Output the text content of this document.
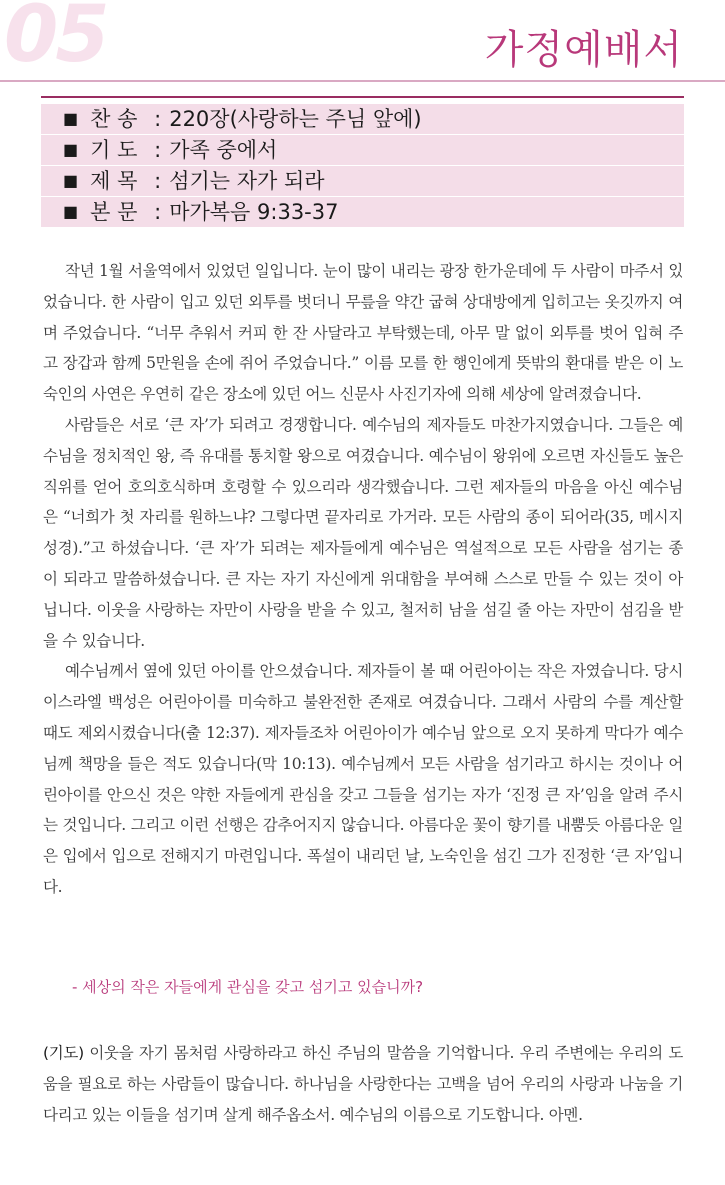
05	가정예배서
■ 찬 송 : 220장(사랑하는 주님 앞에)
■ 기 도 : 가족 중에서
■ 제 목 : 섬기는 자가 되라
■ 본 문 : 마가복음 9:33-37

작년 1월 서울역에서 있었던 일입니다. 눈이 많이 내리는 광장 한가운데에 두 사람이 마주서 있었습니다. 한 사람이 입고 있던 외투를 벗더니 무릎을 약간 굽혀 상대방에게 입히고는 옷깃까지 여며 주었습니다. “너무 추워서 커피 한 잔 사달라고 부탁했는데, 아무 말 없이 외투를 벗어 입혀 주고 장갑과 함께 5만원을 손에 쥐어 주었습니다.” 이름 모를 한 행인에게 뜻밖의 환대를 받은 이 노숙인의 사연은 우연히 같은 장소에 있던 어느 신문사 사진기자에 의해 세상에 알려졌습니다.

사람들은 서로 ‘큰 자’가 되려고 경쟁합니다. 예수님의 제자들도 마찬가지였습니다. 그들은 예수님을 정치적인 왕, 즉 유대를 통치할 왕으로 여겼습니다. 예수님이 왕위에 오르면 자신들도 높은 직위를 얻어 호의호식하며 호령할 수 있으리라 생각했습니다. 그런 제자들의 마음을 아신 예수님은 “너희가 첫 자리를 원하느냐? 그렇다면 끝자리로 가거라. 모든 사람의 종이 되어라(35, 메시지성경).”고 하셨습니다. ‘큰 자’가 되려는 제자들에게 예수님은 역설적으로 모든 사람을 섬기는 종이 되라고 말씀하셨습니다. 큰 자는 자기 자신에게 위대함을 부여해 스스로 만들 수 있는 것이 아닙니다. 이웃을 사랑하는 자만이 사랑을 받을 수 있고, 철저히 남을 섬길 줄 아는 자만이 섬김을 받을 수 있습니다.

예수님께서 옆에 있던 아이를 안으셨습니다. 제자들이 볼 때 어린아이는 작은 자였습니다. 당시 이스라엘 백성은 어린아이를 미숙하고 불완전한 존재로 여겼습니다. 그래서 사람의 수를 계산할 때도 제외시켰습니다(출 12:37). 제자들조차 어린아이가 예수님 앞으로 오지 못하게 막다가 예수님께 책망을 들은 적도 있습니다(막 10:13). 예수님께서 모든 사람을 섬기라고 하시는 것이나 어린아이를 안으신 것은 약한 자들에게 관심을 갖고 그들을 섬기는 자가 ‘진정 큰 자’임을 알려 주시는 것입니다. 그리고 이런 선행은 감추어지지 않습니다. 아름다운 꽃이 향기를 내뿜듯 아름다운 일은 입에서 입으로 전해지기 마련입니다. 폭설이 내리던 날, 노숙인을 섬긴 그가 진정한 ‘큰 자’입니다.

- 세상의 작은 자들에게 관심을 갖고 섬기고 있습니까?
(기도) 이웃을 자기 몸처럼 사랑하라고 하신 주님의 말씀을 기억합니다. 우리 주변에는 우리의 도움을 필요로 하는 사람들이 많습니다. 하나님을 사랑한다는 고백을 넘어 우리의 사랑과 나눔을 기다리고 있는 이들을 섬기며 살게 해주옵소서. 예수님의 이름으로 기도합니다. 아멘.
